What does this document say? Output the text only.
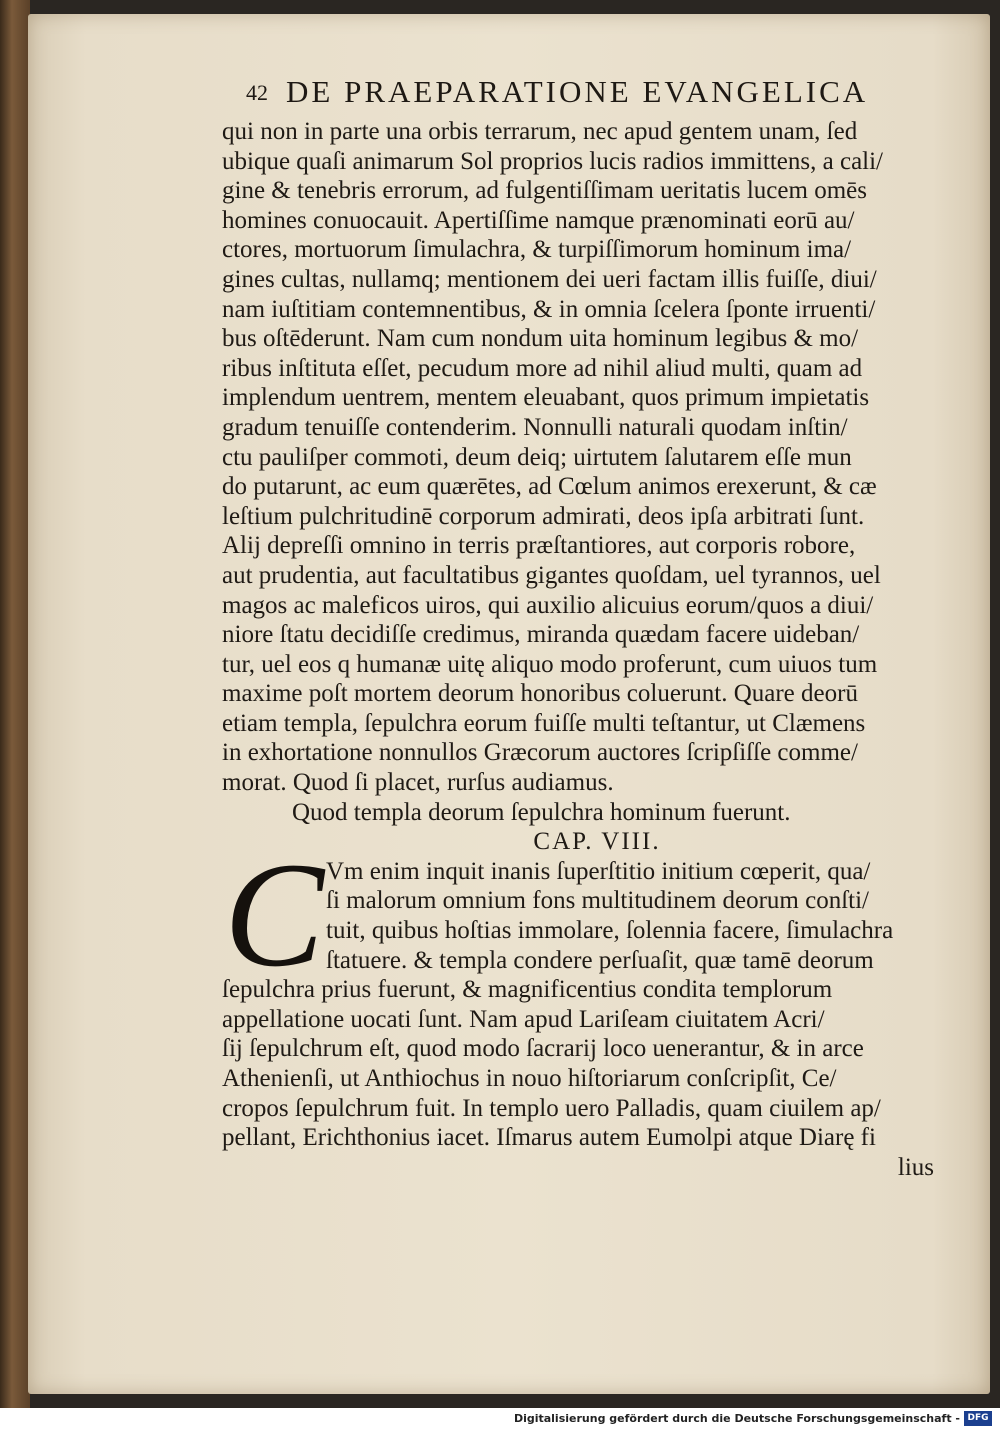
42 DE PRAEPARATIONE EVANGELICA
qui non in parte una orbis terrarum, nec apud gentem unam, ſed
ubique quaſi animarum Sol proprios lucis radios immittens, a cali/
gine & tenebris errorum, ad fulgentiſſimam ueritatis lucem omēs
homines conuocauit. Apertiſſime namque prænominati eorū au/
ctores, mortuorum ſimulachra, & turpiſſimorum hominum ima/
gines cultas, nullamq; mentionem dei ueri factam illis fuiſſe, diui/
nam iuſtitiam contemnentibus, & in omnia ſcelera ſponte irruenti/
bus oſtēderunt. Nam cum nondum uita hominum legibus & mo/
ribus inſtituta eſſet, pecudum more ad nihil aliud multi, quam ad
implendum uentrem, mentem eleuabant, quos primum impietatis
gradum tenuiſſe contenderim. Nonnulli naturali quodam inſtin/
ctu pauliſper commoti, deum deiq; uirtutem ſalutarem eſſe mun
do putarunt, ac eum quærētes, ad Cœlum animos erexerunt, & cæ
leſtium pulchritudinē corporum admirati, deos ipſa arbitrati ſunt.
Alij depreſſi omnino in terris præſtantiores, aut corporis robore,
aut prudentia, aut facultatibus gigantes quoſdam, uel tyrannos, uel
magos ac maleficos uiros, qui auxilio alicuius eorum/quos a diui/
niore ſtatu decidiſſe credimus, miranda quædam facere uideban/
tur, uel eos q humanæ uitę aliquo modo proferunt, cum uiuos tum
maxime poſt mortem deorum honoribus coluerunt. Quare deorū
etiam templa, ſepulchra eorum fuiſſe multi teſtantur, ut Clæmens
in exhortatione nonnullos Græcorum auctores ſcripſiſſe comme/
morat. Quod ſi placet, rurſus audiamus.
Quod templa deorum ſepulchra hominum fuerunt.
CAP. VIII.
C Vm enim inquit inanis ſuperſtitio initium cœperit, qua/
ſi malorum omnium fons multitudinem deorum conſti/
tuit, quibus hoſtias immolare, ſolennia facere, ſimulachra
ſtatuere. & templa condere perſuaſit, quæ tamē deorum
ſepulchra prius fuerunt, & magnificentius condita templorum
appellatione uocati ſunt. Nam apud Lariſeam ciuitatem Acri/
ſij ſepulchrum eſt, quod modo ſacrarij loco uenerantur, & in arce
Athenienſi, ut Anthiochus in nouo hiſtoriarum conſcripſit, Ce/
cropos ſepulchrum fuit. In templo uero Palladis, quam ciuilem ap/
pellant, Erichthonius iacet. Iſmarus autem Eumolpi atque Diarę fi
lius
Digitalisierung gefördert durch die Deutsche Forschungsgemeinschaft - DFG
